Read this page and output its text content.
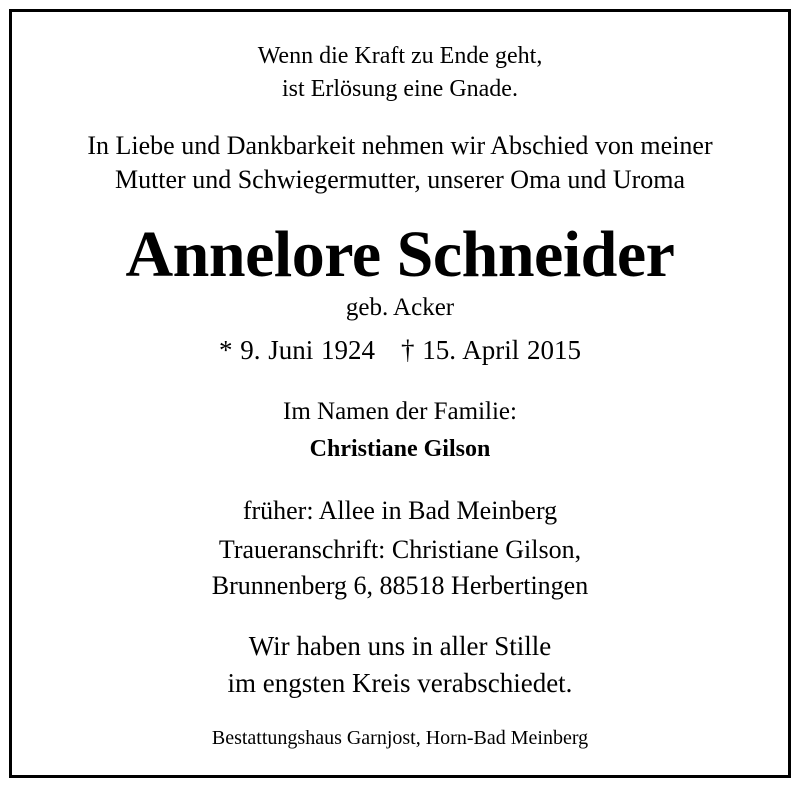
Wenn die Kraft zu Ende geht,
ist Erlösung eine Gnade.
In Liebe und Dankbarkeit nehmen wir Abschied von meiner
Mutter und Schwiegermutter, unserer Oma und Uroma
Annelore Schneider
geb. Acker
* 9. Juni 1924 † 15. April 2015
Im Namen der Familie:
Christiane Gilson
früher: Allee in Bad Meinberg
Traueranschrift: Christiane Gilson,
Brunnenberg 6, 88518 Herbertingen
Wir haben uns in aller Stille
im engsten Kreis verabschiedet.
Bestattungshaus Garnjost, Horn-Bad Meinberg
